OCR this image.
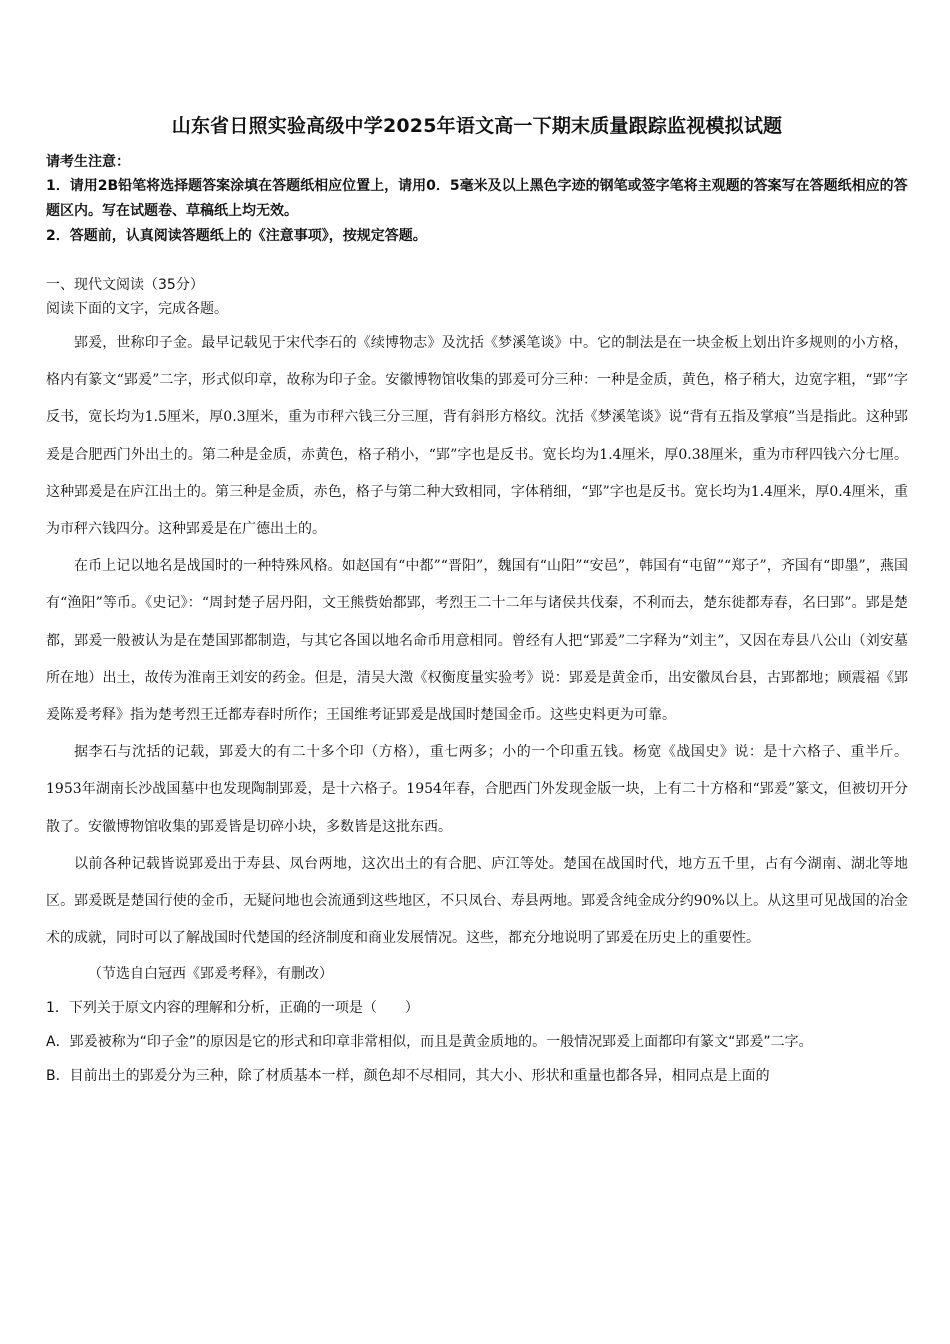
山东省日照实验高级中学2025年语文高一下期末质量跟踪监视模拟试题

请考生注意：

1．请用2B铅笔将选择题答案涂填在答题纸相应位置上，请用0．5毫米及以上黑色字迹的钢笔或签字笔将主观题的答案写在答题纸相应的答题区内。写在试题卷、草稿纸上均无效。

2．答题前，认真阅读答题纸上的《注意事项》，按规定答题。

一、现代文阅读（35分）

阅读下面的文字，完成各题。

郢爰，世称印子金。最早记载见于宋代李石的《续博物志》及沈括《梦溪笔谈》中。它的制法是在一块金板上划出许多规则的小方格，格内有篆文“郢爰”二字，形式似印章，故称为印子金。安徽博物馆收集的郢爰可分三种：一种是金质，黄色，格子稍大，边宽字粗，“郢”字反书，宽长均为1.5厘米，厚0.3厘米，重为市秤六钱三分三厘，背有斜形方格纹。沈括《梦溪笔谈》说“背有五指及掌痕”当是指此。这种郢爰是合肥西门外出土的。第二种是金质，赤黄色，格子稍小，“郢”字也是反书。宽长均为1.4厘米，厚0.38厘米，重为市秤四钱六分七厘。这种郢爰是在庐江出土的。第三种是金质，赤色，格子与第二种大致相同，字体稍细，“郢”字也是反书。宽长均为1.4厘米，厚0.4厘米，重为市秤六钱四分。这种郢爰是在广德出土的。

在币上记以地名是战国时的一种特殊风格。如赵国有“中都”“晋阳”，魏国有“山阳”“安邑”，韩国有“屯留”“郑子”，齐国有“即墨”，燕国有“渔阳”等币。《史记》：“周封楚子居丹阳，文王熊赀始都郢，考烈王二十二年与诸侯共伐秦，不利而去，楚东徙都寿春，名曰郢”。郢是楚都，郢爰一般被认为是在楚国郢都制造，与其它各国以地名命币用意相同。曾经有人把“郢爰”二字释为“刘主”，又因在寿县八公山（刘安墓所在地）出土，故传为淮南王刘安的药金。但是，清吴大澂《权衡度量实验考》说：郢爰是黄金币，出安徽凤台县，古郢都地；顾震福《郢爰陈爰考释》指为楚考烈王迁都寿春时所作；王国维考证郢爰是战国时楚国金币。这些史料更为可靠。

据李石与沈括的记载，郢爰大的有二十多个印（方格），重七两多；小的一个印重五钱。杨宽《战国史》说：是十六格子、重半斤。1953年湖南长沙战国墓中也发现陶制郢爰，是十六格子。1954年春，合肥西门外发现金版一块，上有二十方格和“郢爰”篆文，但被切开分散了。安徽博物馆收集的郢爰皆是切碎小块，多数皆是这批东西。

以前各种记载皆说郢爰出于寿县、凤台两地，这次出土的有合肥、庐江等处。楚国在战国时代，地方五千里，占有今湖南、湖北等地区。郢爰既是楚国行使的金币，无疑问地也会流通到这些地区，不只凤台、寿县两地。郢爰含纯金成分约90%以上。从这里可见战国的冶金术的成就，同时可以了解战国时代楚国的经济制度和商业发展情况。这些，都充分地说明了郢爰在历史上的重要性。

（节选自白冠西《郢爰考释》，有删改）

1．下列关于原文内容的理解和分析，正确的一项是（　　）

A．郢爰被称为“印子金”的原因是它的形式和印章非常相似，而且是黄金质地的。一般情况郢爰上面都印有篆文“郢爰”二字。

B．目前出土的郢爰分为三种，除了材质基本一样，颜色却不尽相同，其大小、形状和重量也都各异，相同点是上面的
